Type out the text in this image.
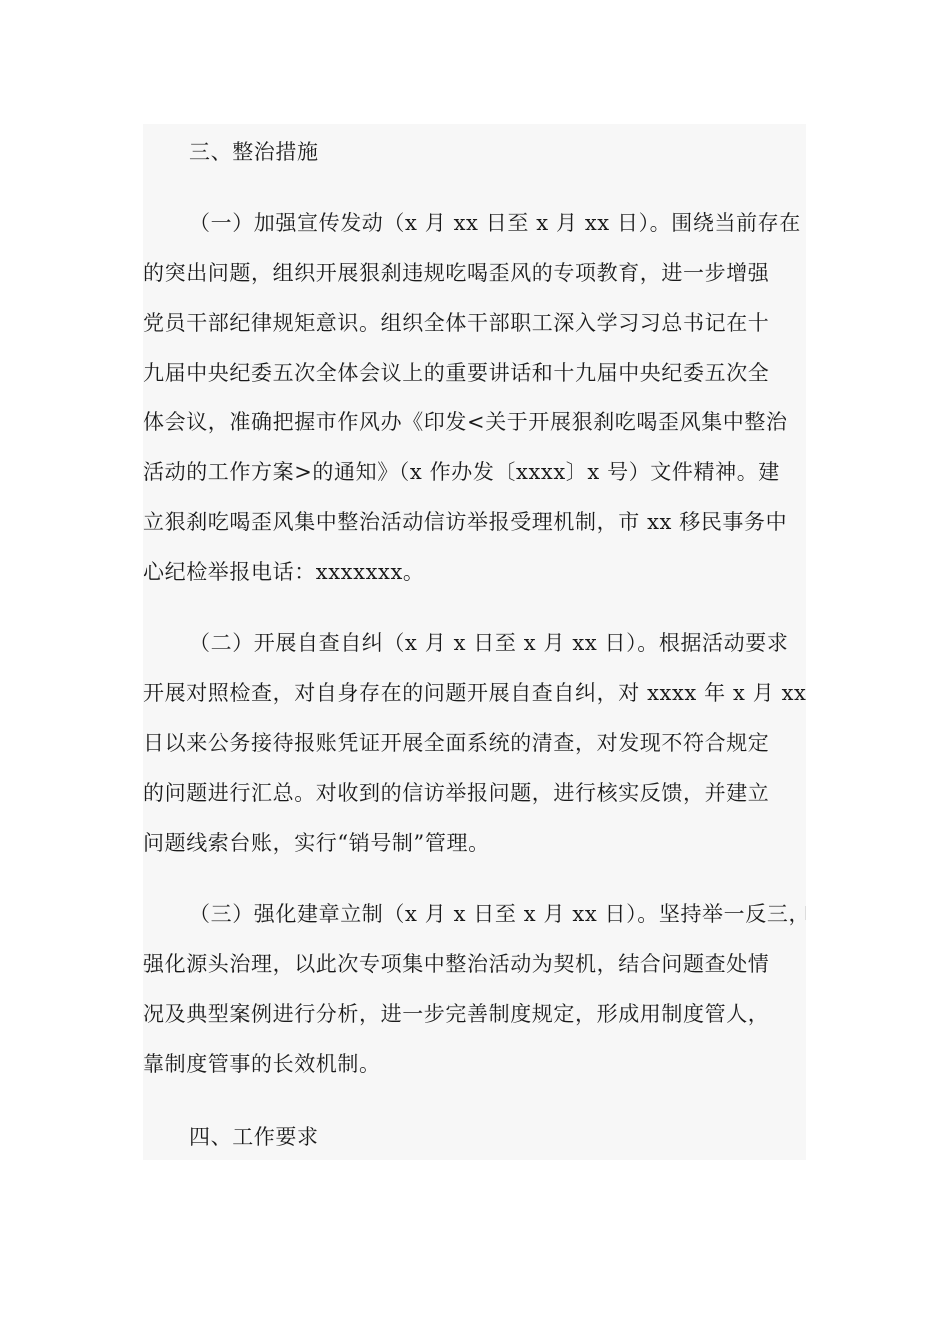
三、整治措施
（一）加强宣传发动（x 月 xx 日至 x 月 xx 日）。围绕当前存在
的突出问题，组织开展狠刹违规吃喝歪风的专项教育，进一步增强
党员干部纪律规矩意识。组织全体干部职工深入学习习总书记在十
九届中央纪委五次全体会议上的重要讲话和十九届中央纪委五次全
体会议，准确把握市作风办《印发<关于开展狠刹吃喝歪风集中整治
活动的工作方案>的通知》（x 作办发〔xxxx〕x 号）文件精神。建
立狠刹吃喝歪风集中整治活动信访举报受理机制，市 xx 移民事务中
心纪检举报电话：xxxxxxx。
（二）开展自查自纠（x 月 x 日至 x 月 xx 日）。根据活动要求
开展对照检查，对自身存在的问题开展自查自纠，对 xxxx 年 x 月 xx
日以来公务接待报账凭证开展全面系统的清查，对发现不符合规定
的问题进行汇总。对收到的信访举报问题，进行核实反馈，并建立
问题线索台账，实行“销号制”管理。
（三）强化建章立制（x 月 x 日至 x 月 xx 日）。坚持举一反三，
强化源头治理，以此次专项集中整治活动为契机，结合问题查处情
况及典型案例进行分析，进一步完善制度规定，形成用制度管人，
靠制度管事的长效机制。
四、工作要求
